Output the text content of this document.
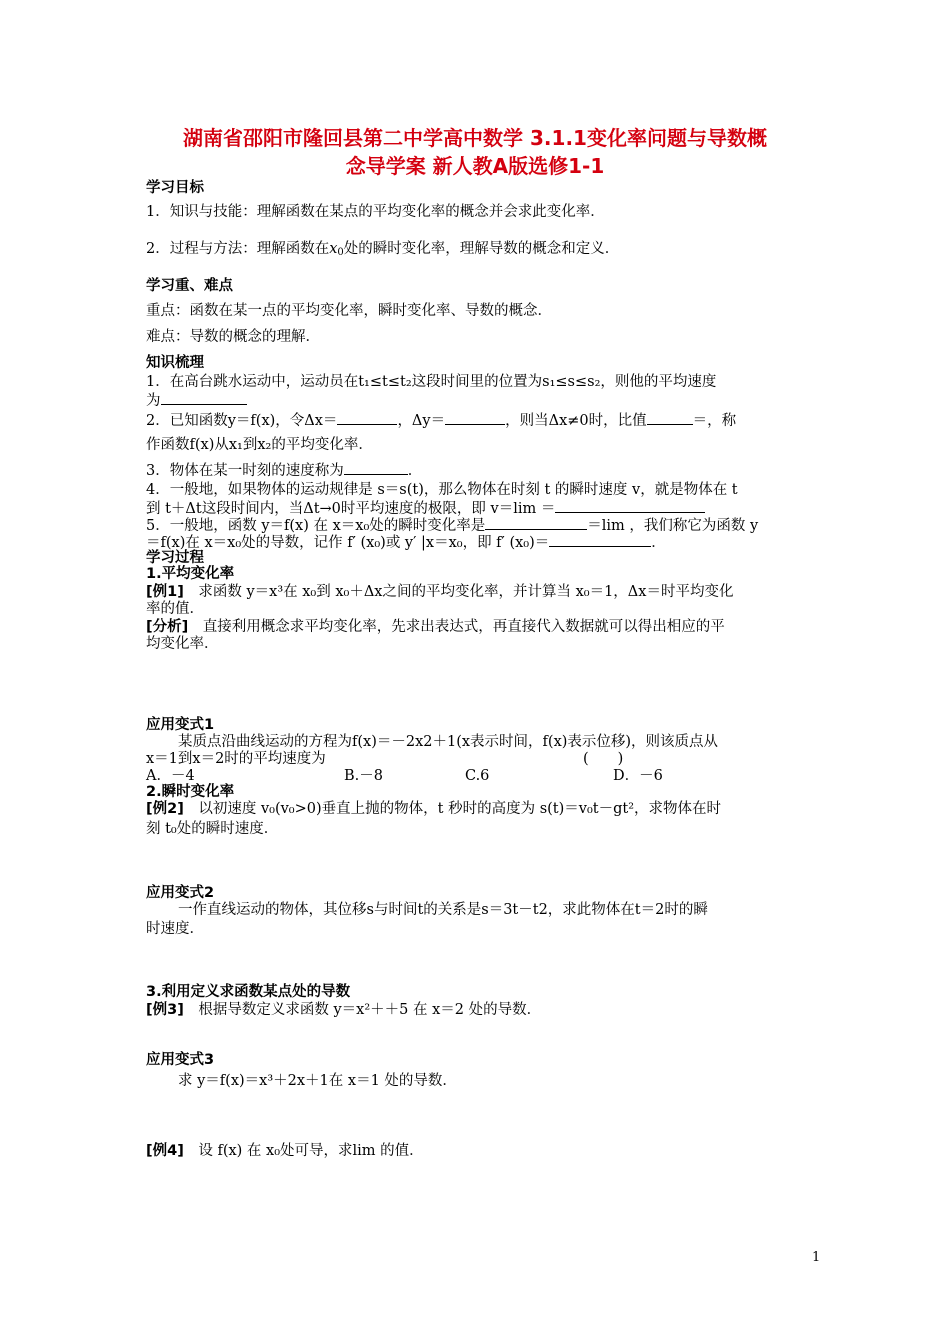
湖南省邵阳市隆回县第二中学高中数学 3.1.1变化率问题与导数概
念导学案 新人教A版选修1-1
学习目标
1．知识与技能：理解函数在某点的平均变化率的概念并会求此变化率．
2．过程与方法：理解函数在$x_0$处的瞬时变化率，理解导数的概念和定义．
学习重、难点
重点：函数在某一点的平均变化率，瞬时变化率、导数的概念．
难点：导数的概念的理解．
知识梳理
1．在高台跳水运动中，运动员在t₁≤t≤t₂这段时间里的位置为s₁≤s≤s₂，则他的平均速度
为
2．已知函数y＝f(x)，令Δx＝	，Δy＝	，则当Δx≠0时，比值	＝，称
作函数f(x)从x₁到x₂的平均变化率．
3．物体在某一时刻的速度称为	．
4．一般地，如果物体的运动规律是 s＝s(t)，那么物体在时刻 t 的瞬时速度 v，就是物体在 t
到 t＋Δt这段时间内，当Δt→0时平均速度的极限，即 v＝lim ＝
5．一般地，函数 y＝f(x) 在 x＝x₀处的瞬时变化率是	＝lim ，我们称它为函数 y
＝f(x)在 x＝x₀处的导数，记作 f′ (x₀)或 y′ |x＝x₀，即 f′ (x₀)＝	．
学习过程
1.平均变化率
[例1]　 求函数 y＝x³在 x₀到 x₀＋Δx之间的平均变化率，并计算当 x₀＝1，Δx＝时平均变化
率的值．
[分析]　 直接利用概念求平均变化率，先求出表达式，再直接代入数据就可以得出相应的平
均变化率．
应用变式1
某质点沿曲线运动的方程为f(x)＝－2x2＋1(x表示时间，f(x)表示位移)，则该质点从
x＝1到x＝2时的平均速度为	(　　)
A．－4	B.－8	C.6	D．－6
2.瞬时变化率
[例2]　 以初速度 v₀(v₀>0)垂直上抛的物体，t 秒时的高度为 s(t)＝v₀t－gt²，求物体在时
刻 t₀处的瞬时速度．
应用变式2
一作直线运动的物体，其位移s与时间t的关系是s＝3t－t2，求此物体在t＝2时的瞬
时速度．
3.利用定义求函数某点处的导数
[例3]　 根据导数定义求函数 y＝x²＋＋5 在 x＝2 处的导数．
应用变式3
求 y＝f(x)＝x³＋2x＋1在 x＝1 处的导数．
[例4]　 设 f(x) 在 x₀处可导，求lim 的值．
1
